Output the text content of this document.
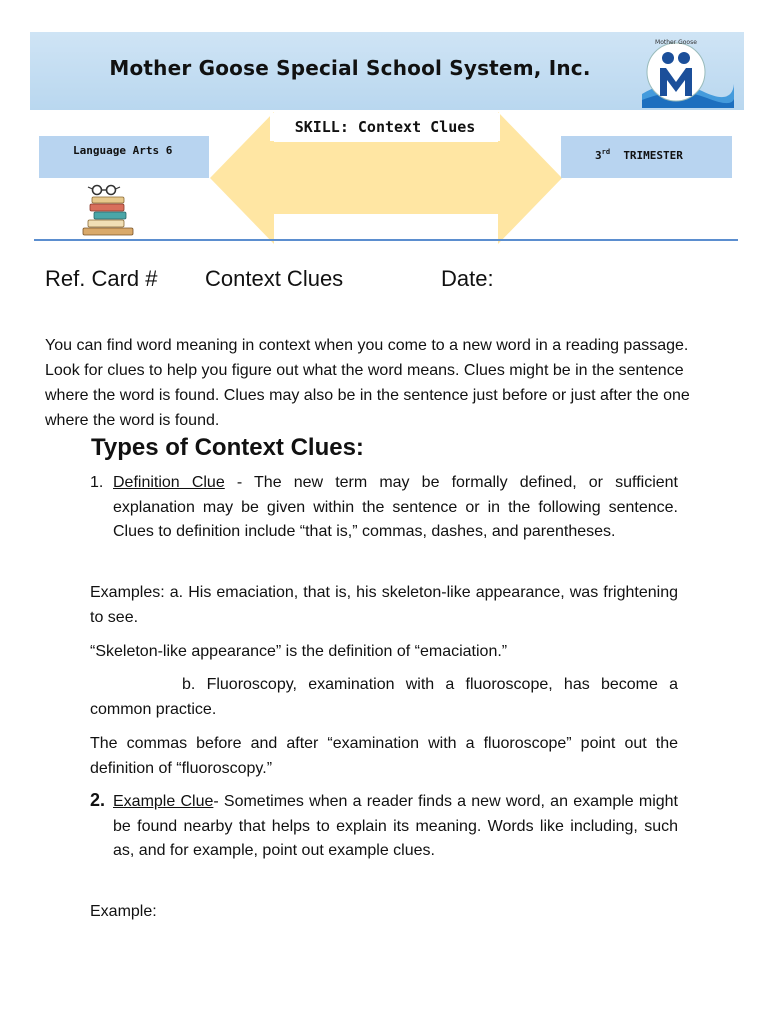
Mother Goose Special School System, Inc.
Mother Goose
SKILL: Context Clues
Language Arts 6	3rd TRIMESTER
Ref. Card # Context Clues	Date:
You can find word meaning in context when you come to a new word in a reading passage. Look for clues to help you figure out what the word means. Clues might be in the sentence where the word is found. Clues may also be in the sentence just before or just after the one where the word is found.
Types of Context Clues:
1. Definition Clue - The new term may be formally defined, or sufficient explanation may be given within the sentence or in the following sentence. Clues to definition include “that is,” commas, dashes, and parentheses.
Examples: a. His emaciation, that is, his skeleton-like appearance, was frightening to see.
“Skeleton-like appearance” is the definition of “emaciation.”
b. Fluoroscopy, examination with a fluoroscope, has become a common practice.
The commas before and after “examination with a fluoroscope” point out the definition of “fluoroscopy.”
2. Example Clue- Sometimes when a reader finds a new word, an example might be found nearby that helps to explain its meaning. Words like including, such as, and for example, point out example clues.
Example:
